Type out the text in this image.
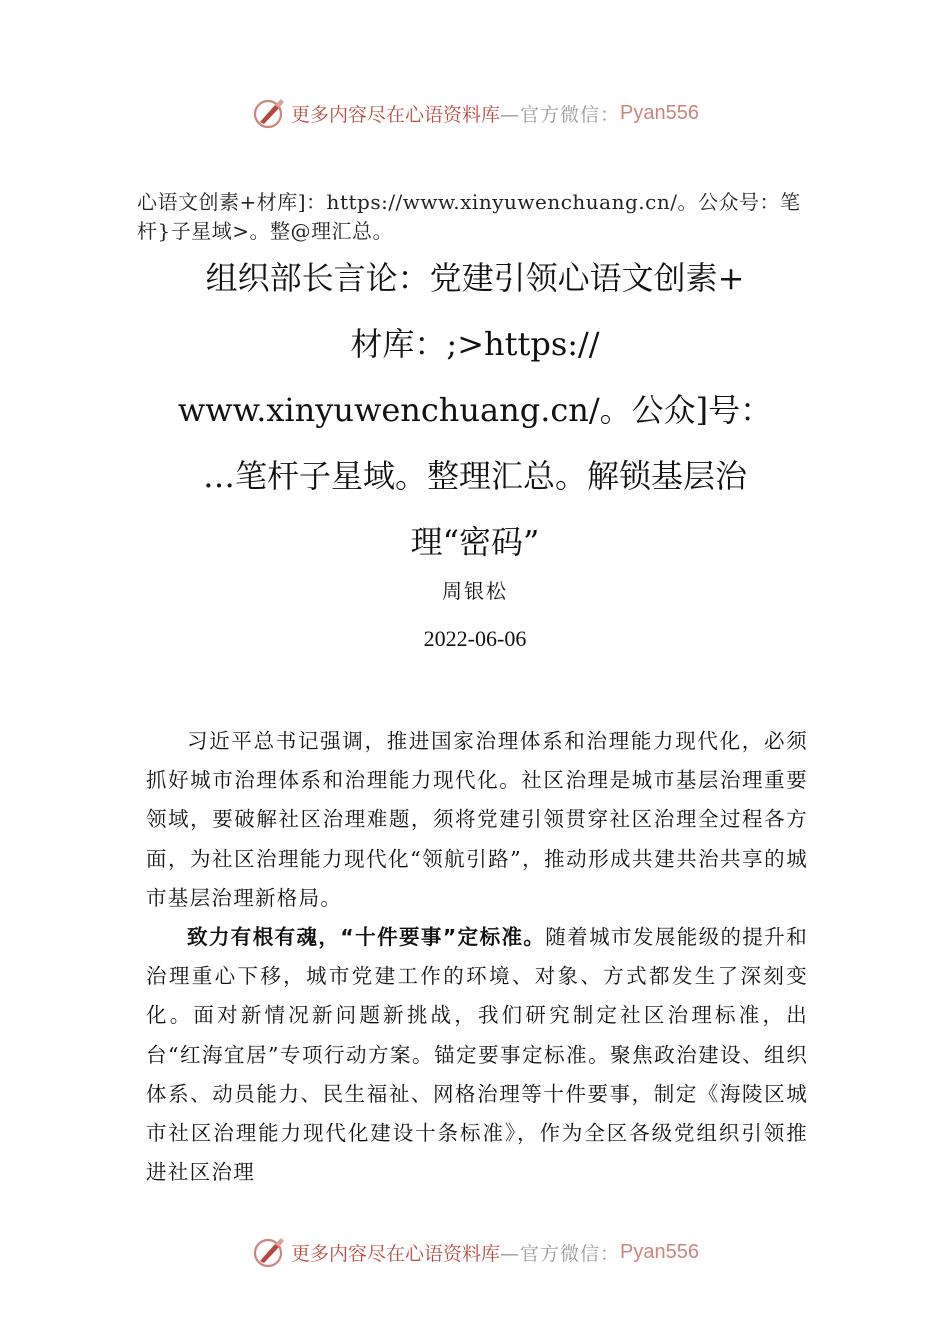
更多内容尽在心语资料库 —官方微信： Pyan556
心语文创素+材库]：https://www.xinyuwenchuang.cn/。公众号：笔杆}子星域>。整@理汇总。
组织部长言论：党建引领心语文创素+
材库：;>https://
www.xinyuwenchuang.cn/。公众]号：
…笔杆子星域。整理汇总。解锁基层治
理“密码”
周银松
2022-06-06

习近平总书记强调，推进国家治理体系和治理能力现代化，必须抓好城市治理体系和治理能力现代化。社区治理是城市基层治理重要领域，要破解社区治理难题，须将党建引领贯穿社区治理全过程各方面，为社区治理能力现代化“领航引路”，推动形成共建共治共享的城市基层治理新格局。

致力有根有魂，“十件要事”定标准。随着城市发展能级的提升和治理重心下移，城市党建工作的环境、对象、方式都发生了深刻变化。面对新情况新问题新挑战，我们研究制定社区治理标准，出台“红海宜居”专项行动方案。锚定要事定标准。聚焦政治建设、组织体系、动员能力、民生福祉、网格治理等十件要事，制定《海陵区城市社区治理能力现代化建设十条标准》，作为全区各级党组织引领推进社区治理

更多内容尽在心语资料库 —官方微信： Pyan556
